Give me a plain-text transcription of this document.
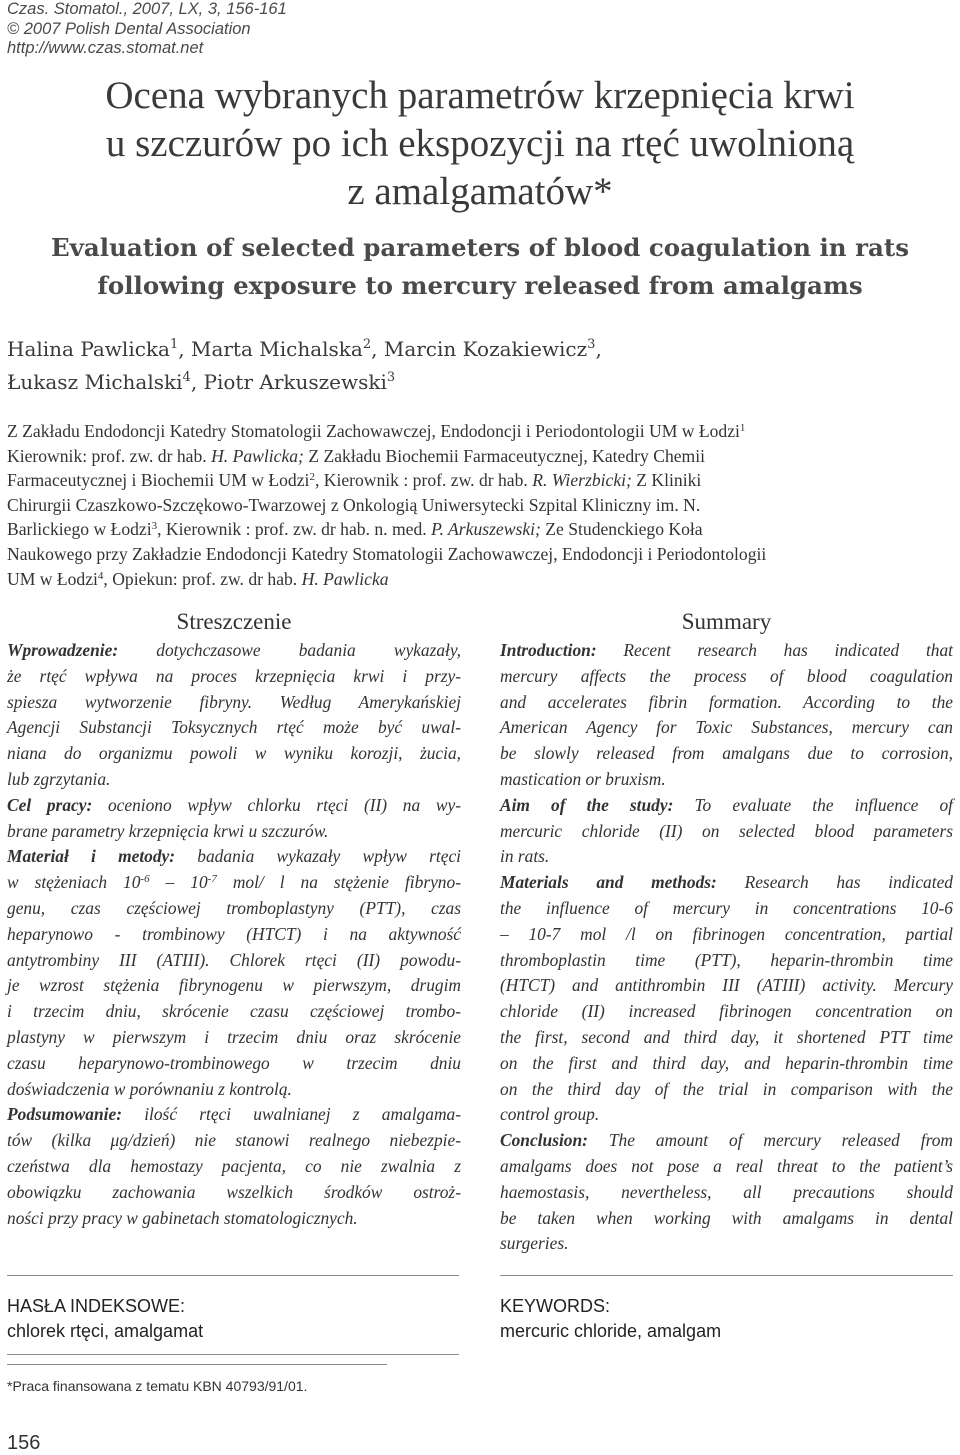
Czas. Stomatol., 2007, LX, 3, 156-161
© 2007 Polish Dental Association
http://www.czas.stomat.net
Ocena wybranych parametrów krzepnięcia krwi
u szczurów po ich ekspozycji na rtęć uwolnioną
z amalgamatów*
Evaluation of selected parameters of blood coagulation in rats
following exposure to mercury released from amalgams
Halina Pawlicka$^1$, Marta Michalska$^2$, Marcin Kozakiewicz$^3$,
Łukasz Michalski$^4$, Piotr Arkuszewski$^3$
Z Zakładu Endodoncji Katedry Stomatologii Zachowawczej, Endodoncji i Periodontologii UM w Łodzi$^1$
Kierownik: prof. zw. dr hab. H. Pawlicka; Z Zakładu Biochemii Farmaceutycznej, Katedry Chemii
Farmaceutycznej i Biochemii UM w Łodzi$^2$, Kierownik : prof. zw. dr hab. R. Wierzbicki; Z Kliniki
Chirurgii Czaszkowo-Szczękowo-Twarzowej z Onkologią Uniwersytecki Szpital Kliniczny im. N.
Barlickiego w Łodzi$^3$, Kierownik : prof. zw. dr hab. n. med. P. Arkuszewski; Ze Studenckiego Koła
Naukowego przy Zakładzie Endodoncji Katedry Stomatologii Zachowawczej, Endodoncji i Periodontologii
UM w Łodzi$^4$, Opiekun: prof. zw. dr hab. H. Pawlicka
Streszczenie
Wprowadzenie: dotychczasowe badania wykazały,
że rtęć wpływa na proces krzepnięcia krwi i przy-
spiesza wytworzenie fibryny. Według Amerykańskiej
Agencji Substancji Toksycznych rtęć może być uwal-
niana do organizmu powoli w wyniku korozji, żucia,
lub zgrzytania.
Cel pracy: oceniono wpływ chlorku rtęci (II) na wy-
brane parametry krzepnięcia krwi u szczurów.
Materiał i metody: badania wykazały wpływ rtęci
w stężeniach $10^{-6} - 10^{-7}$ mol/ l na stężenie fibryno-
genu, czas częściowej tromboplastyny (PTT), czas
heparynowo - trombinowy (HTCT) i na aktywność
antytrombiny III (ATIII). Chlorek rtęci (II) powodu-
je wzrost stężenia fibrynogenu w pierwszym, drugim
i trzecim dniu, skrócenie czasu częściowej trombo-
plastyny w pierwszym i trzecim dniu oraz skrócenie
czasu heparynowo-trombinowego w trzecim dniu
doświadczenia w porównaniu z kontrolą.
Podsumowanie: ilość rtęci uwalnianej z amalgama-
tów (kilka μg/dzień) nie stanowi realnego niebezpie-
czeństwa dla hemostazy pacjenta, co nie zwalnia z
obowiązku zachowania wszelkich środków ostroż-
ności przy pracy w gabinetach stomatologicznych.
Summary
Introduction: Recent research has indicated that
mercury affects the process of blood coagulation
and accelerates fibrin formation. According to the
American Agency for Toxic Substances, mercury can
be slowly released from amalgans due to corrosion,
mastication or bruxism.
Aim of the study: To evaluate the influence of
mercuric chloride (II) on selected blood parameters
in rats.
Materials and methods: Research has indicated
the influence of mercury in concentrations 10-6
– 10-7 mol /l on fibrinogen concentration, partial
thromboplastin time (PTT), heparin-thrombin time
(HTCT) and antithrombin III (ATIII) activity. Mercury
chloride (II) increased fibrinogen concentration on
the first, second and third day, it shortened PTT time
on the first and third day, and heparin-thrombin time
on the third day of the trial in comparison with the
control group.
Conclusion: The amount of mercury released from
amalgams does not pose a real threat to the patient’s
haemostasis, nevertheless, all precautions should
be taken when working with amalgams in dental
surgeries.
HASŁA INDEKSOWE:
chlorek rtęci, amalgamat
KEYWORDS:
mercuric chloride, amalgam
*Praca finansowana z tematu KBN 40793/91/01.
156
